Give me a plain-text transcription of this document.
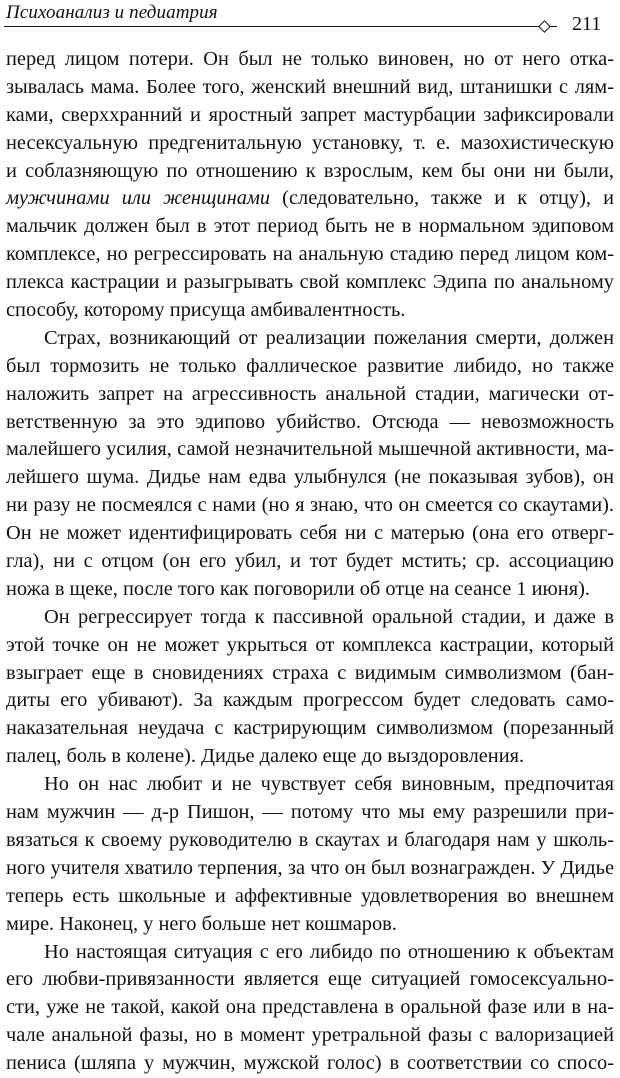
Психоанализ и педиатрия
211
перед лицом потери. Он был не только виновен, но от него отка-
зывалась мама. Более того, женский внешний вид, штанишки с лям-
ками, сверххранний и яростный запрет мастурбации зафиксировали
несексуальную предгенитальную установку, т. е. мазохистическую
и соблазняющую по отношению к взрослым, кем бы они ни были,
мужчинами или женщинами (следовательно, также и к отцу), и
мальчик должен был в этот период быть не в нормальном эдиповом
комплексе, но регрессировать на анальную стадию перед лицом ком-
плекса кастрации и разыгрывать свой комплекс Эдипа по анальному
способу, которому присуща амбивалентность.
Страх, возникающий от реализации пожелания смерти, должен
был тормозить не только фаллическое развитие либидо, но также
наложить запрет на агрессивность анальной стадии, магически от-
ветственную за это эдипово убийство. Отсюда — невозможность
малейшего усилия, самой незначительной мышечной активности, ма-
лейшего шума. Дидье нам едва улыбнулся (не показывая зубов), он
ни разу не посмеялся с нами (но я знаю, что он смеется со скаутами).
Он не может идентифицировать себя ни с матерью (она его отверг-
гла), ни с отцом (он его убил, и тот будет мстить; ср. ассоциацию
ножа в щеке, после того как поговорили об отце на сеансе 1 июня).
Он регрессирует тогда к пассивной оральной стадии, и даже в
этой точке он не может укрыться от комплекса кастрации, который
взыграет еще в сновидениях страха с видимым символизмом (бан-
диты его убивают). За каждым прогрессом будет следовать само-
наказательная неудача с кастрирующим символизмом (порезанный
палец, боль в колене). Дидье далеко еще до выздоровления.
Но он нас любит и не чувствует себя виновным, предпочитая
нам мужчин — д-р Пишон, — потому что мы ему разрешили при-
вязаться к своему руководителю в скаутах и благодаря нам у школь-
ного учителя хватило терпения, за что он был вознагражден. У Дидье
теперь есть школьные и аффективные удовлетворения во внешнем
мире. Наконец, у него больше нет кошмаров.
Но настоящая ситуация с его либидо по отношению к объектам
его любви-привязанности является еще ситуацией гомосексуально-
сти, уже не такой, какой она представлена в оральной фазе или в на-
чале анальной фазы, но в момент уретральной фазы с валоризацией
пениса (шляпа у мужчин, мужской голос) в соответствии со спосо-
